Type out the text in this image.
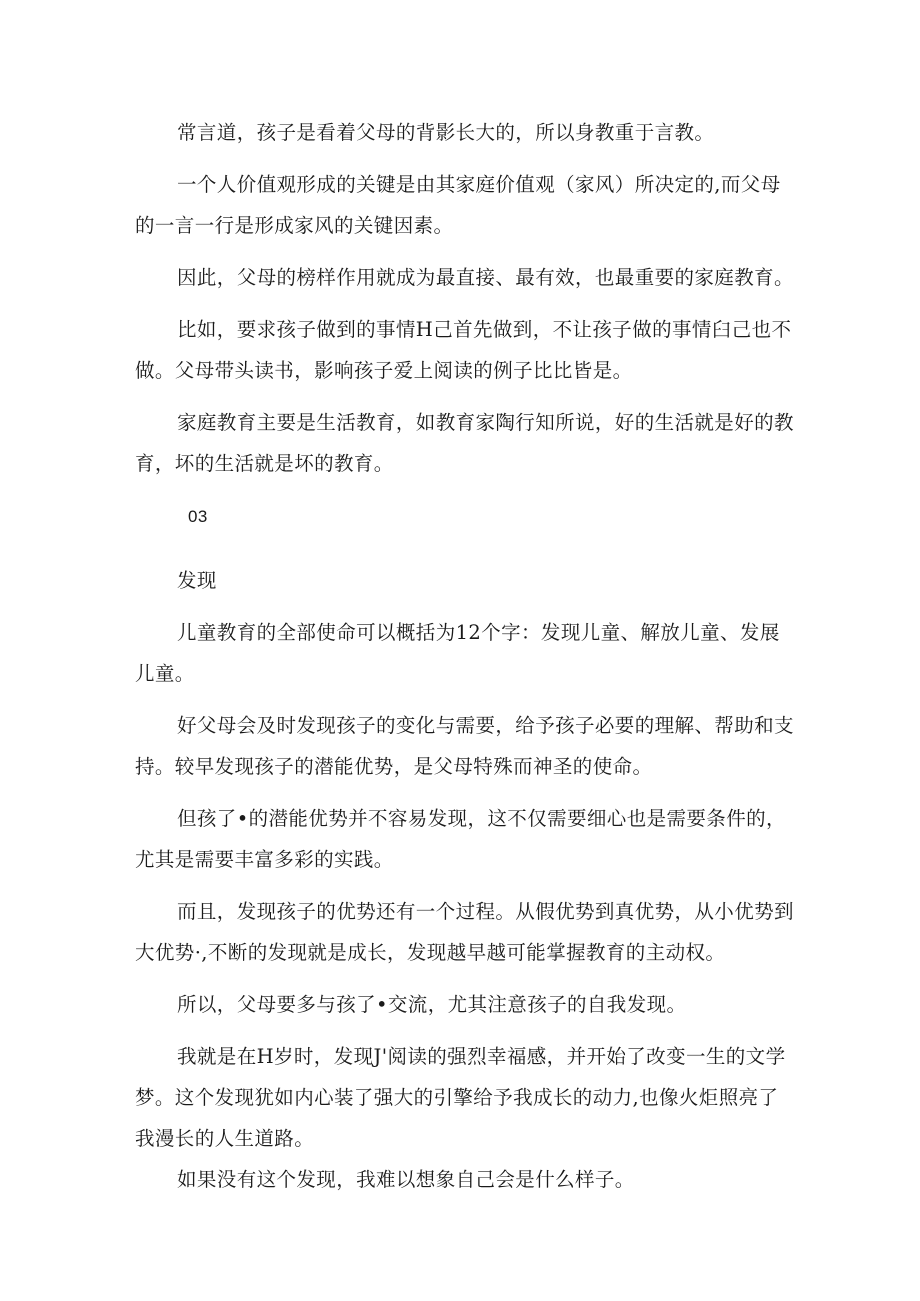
常言道，孩子是看着父母的背影长大的，所以身教重于言教。

一个人价值观形成的关键是由其家庭价值观（家风）所决定的,而父母的一言一行是形成家风的关键因素。

因此，父母的榜样作用就成为最直接、最有效，也最重要的家庭教育。

比如，要求孩子做到的事情H己首先做到，不让孩子做的事情臼己也不做。父母带头读书，影响孩子爱上阅读的例子比比皆是。

家庭教育主要是生活教育，如教育家陶行知所说，好的生活就是好的教育，坏的生活就是坏的教育。

03

发现

儿童教育的全部使命可以概括为12个字：发现儿童、解放儿童、发展儿童。

好父母会及时发现孩子的变化与需要，给予孩子必要的理解、帮助和支持。较早发现孩子的潜能优势，是父母特殊而神圣的使命。

但孩了•的潜能优势并不容易发现，这不仅需要细心也是需要条件的，尤其是需要丰富多彩的实践。

而且，发现孩子的优势还有一个过程。从假优势到真优势，从小优势到大优势·,不断的发现就是成长，发现越早越可能掌握教育的主动权。

所以，父母要多与孩了•交流，尤其注意孩子的自我发现。

我就是在H岁时，发现J'阅读的强烈幸福感，并开始了改变一生的文学梦。这个发现犹如内心装了强大的引擎给予我成长的动力,也像火炬照亮了我漫长的人生道路。

如果没有这个发现，我难以想象自己会是什么样子。
